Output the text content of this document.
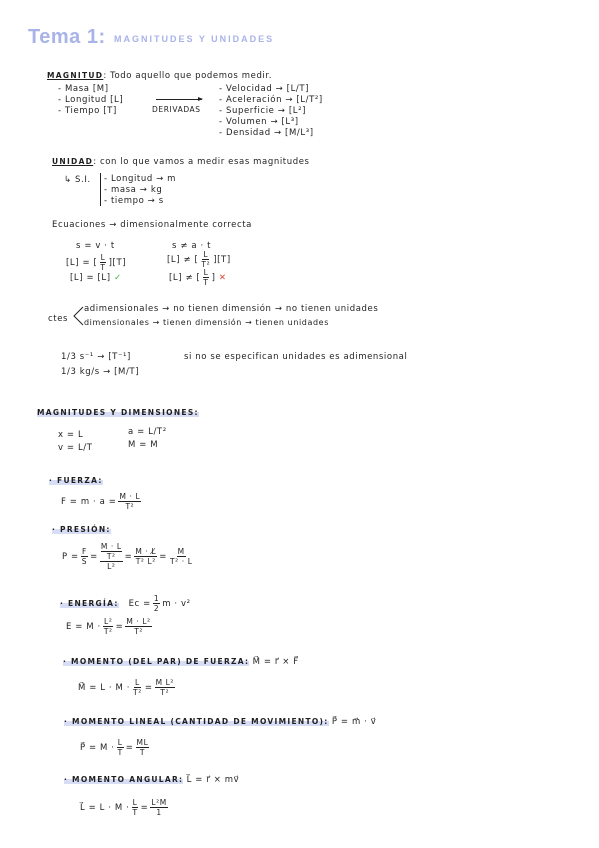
Tema 1: MAGNITUDES Y UNIDADES
MAGNITUD: Todo aquello que podemos medir.
- Masa [M]
- Longitud [L]
- Tiempo [T]	DERIVADAS
- Velocidad → [L/T]
- Aceleración → [L/T²]
- Superficie → [L²]
- Volumen → [L³]
- Densidad → [M/L³]
UNIDAD: con lo que vamos a medir esas magnitudes
↳ S.I. - Longitud → m
- masa → kg
- tiempo → s
Ecuaciones → dimensionalmente correcta
s = v · t
[L] = [ $\frac{L}{T} ][T]$
[L] = [L] ✓
s ≠ a · t
[L] ≠ [ $\frac{L}{\text{T²}} ][T]$
[L] ≠ [ $\frac{L}{T}$ ] ✕
ctes
adimensionales → no tienen dimensión → no tienen unidades
dimensionales → tienen dimensión → tienen unidades
1/3 s⁻¹ → [T⁻¹]
1/3 kg/s → [M/T]
si no se especifican unidades es adimensional
MAGNITUDES Y DIMENSIONES:
x = L
v = L/T
a = L/T²
M = M
· FUERZA:
$F = m \cdot a = \frac{M \cdot L}{\text{T²}}$
· PRESIÓN:
$P = \frac{F}{S} = M \cdot L$
T²
$L^2 = \frac{M \cdot L̸}{\text{T² L²}} = \frac{M}{\text{T² · L}}$
· ENERGÍA: $Ec = \frac{1}{2}$ m · v²
$E = M \cdot \frac{\text{L²}}{\text{T²}} = \frac{\text{M · L²}}{\text{T²}}$
· MOMENTO (DEL PAR) DE FUERZA: M⃗ = r⃗ × F⃗
M⃗ = $L \cdot M \cdot \frac{L}{\text{T²}} = \frac{\text{M L²}}{\text{T²}}$
· MOMENTO LINEAL (CANTIDAD DE MOVIMIENTO): P⃗ = m⃗ · v⃗
P⃗ = $M \cdot \frac{L}{T} = \frac{ML}{T}$
· MOMENTO ANGULAR: L⃗ = r⃗ × mv⃗
L⃗ = $L \cdot M \cdot \frac{L}{T} = \frac{\text{L²M}}{1}$
